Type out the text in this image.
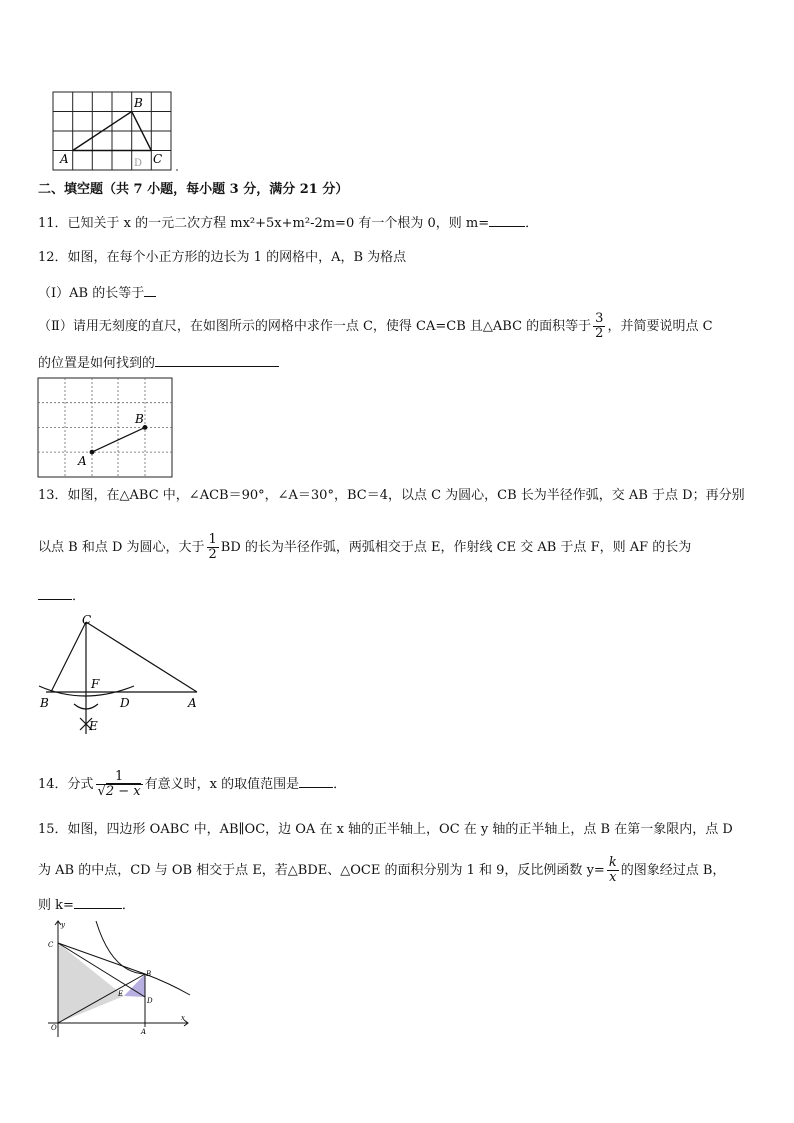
A
B
C
D
二、填空题（共 7 小题，每小题 3 分，满分 21 分）
11．已知关于 x 的一元二次方程 mx²+5x+m²-2m=0 有一个根为 0，则 m=	．
12．如图，在每个小正方形的边长为 1 的网格中，A，B 为格点
（Ⅰ）AB 的长等于
（Ⅱ）请用无刻度的直尺，在如图所示的网格中求作一点 C，使得 CA=CB 且△ABC 的面积等于 $\frac{3}{2}$ ，并简要说明点 C
的位置是如何找到的
A
B
13．如图，在△ABC 中，∠ACB＝90°，∠A＝30°，BC＝4，以点 C 为圆心，CB 长为半径作弧，交 AB 于点 D；再分别
以点 B 和点 D 为圆心，大于 $\frac{1}{2}$ BD 的长为半径作弧，两弧相交于点 E，作射线 CE 交 AB 于点 F，则 AF 的长为
．
C
F
B	D	A
E
14．分式 $\frac{1}{√2 - x}$ 有意义时，x 的取值范围是	．
15．如图，四边形 OABC 中，AB∥OC，边 OA 在 x 轴的正半轴上，OC 在 y 轴的正半轴上，点 B 在第一象限内，点 D
为 AB 的中点，CD 与 OB 相交于点 E，若△BDE、△OCE 的面积分别为 1 和 9，反比例函数 $y= \frac{k}{x}$ 的图象经过点 B，
则 k=	．
y
C
B
E
D
O	A
x
